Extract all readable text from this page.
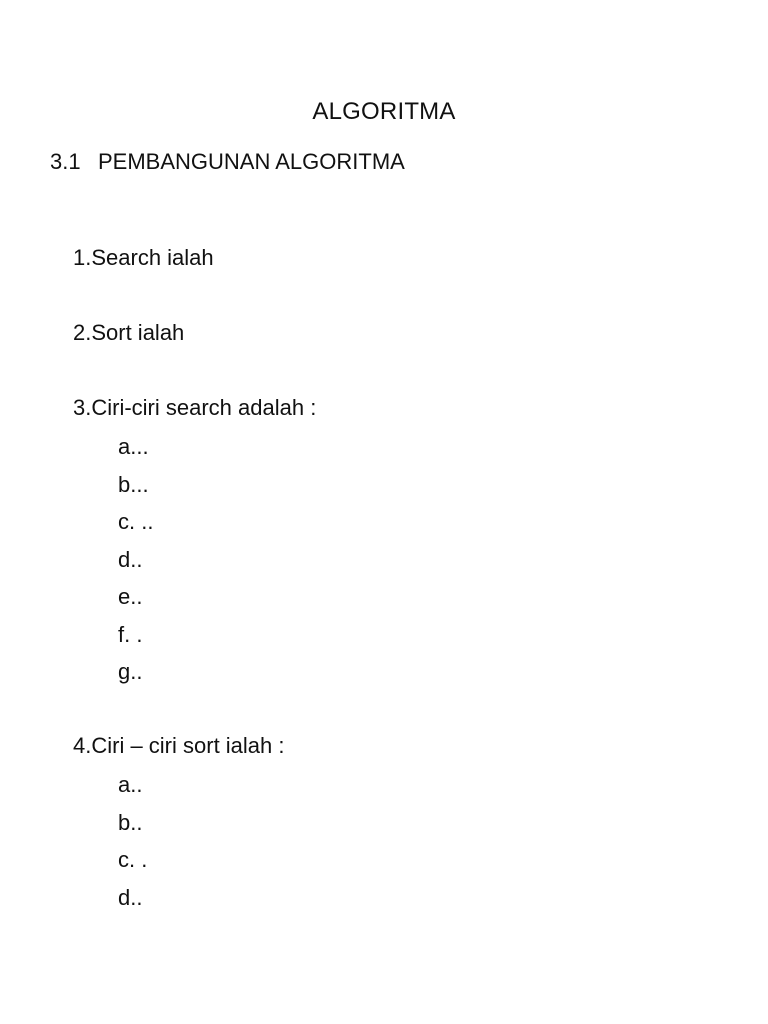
ALGORITMA
3.1 PEMBANGUNAN ALGORITMA
1.Search ialah
2.Sort ialah
3.Ciri-ciri search adalah :
a...
b...
c. ..
d..
e..
f. .
g..
4.Ciri – ciri sort ialah :
a..
b..
c. .
d..
